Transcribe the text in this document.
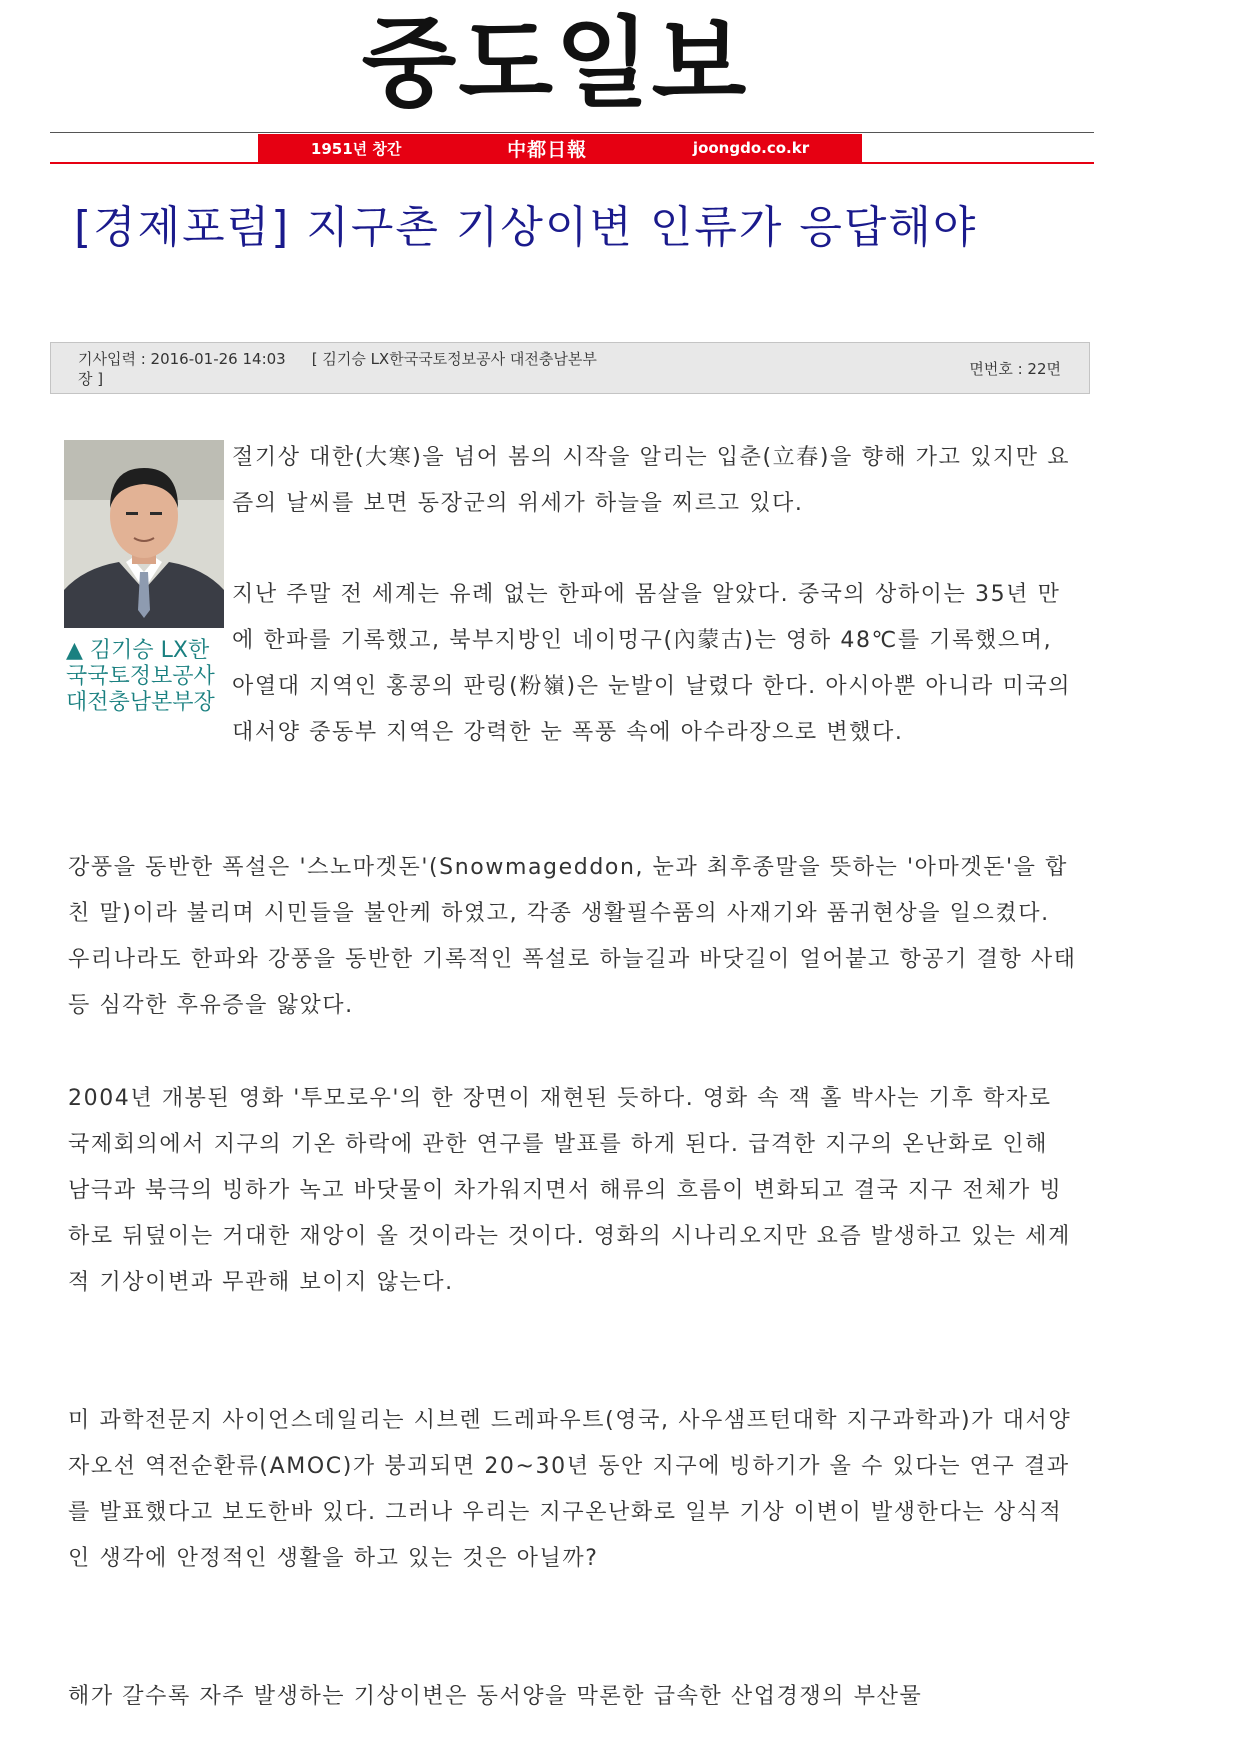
중도일보
1951년 창간	中都日報	joongdo.co.kr
[경제포럼] 지구촌 기상이변 인류가 응답해야
기사입력 : 2016-01-26 14:03 [ 김기승 LX한국국토정보공사 대전충남본부장 ]
면번호 : 22면
▲ 김기승 LX한국국토정보공사 대전충남본부장

절기상 대한(大寒)을 넘어 봄의 시작을 알리는 입춘(立春)을 향해 가고 있지만 요즘의 날씨를 보면 동장군의 위세가 하늘을 찌르고 있다.

지난 주말 전 세계는 유례 없는 한파에 몸살을 알았다. 중국의 상하이는 35년 만에 한파를 기록했고, 북부지방인 네이멍구(內蒙古)는 영하 48℃를 기록했으며, 아열대 지역인 홍콩의 판링(粉嶺)은 눈발이 날렸다 한다. 아시아뿐 아니라 미국의 대서양 중동부 지역은 강력한 눈 폭풍 속에 아수라장으로 변했다.

강풍을 동반한 폭설은 '스노마겟돈'(Snowmageddon, 눈과 최후종말을 뜻하는 '아마겟돈'을 합친 말)이라 불리며 시민들을 불안케 하였고, 각종 생활필수품의 사재기와 품귀현상을 일으켰다. 우리나라도 한파와 강풍을 동반한 기록적인 폭설로 하늘길과 바닷길이 얼어붙고 항공기 결항 사태 등 심각한 후유증을 앓았다.

2004년 개봉된 영화 '투모로우'의 한 장면이 재현된 듯하다. 영화 속 잭 홀 박사는 기후 학자로 국제회의에서 지구의 기온 하락에 관한 연구를 발표를 하게 된다. 급격한 지구의 온난화로 인해 남극과 북극의 빙하가 녹고 바닷물이 차가워지면서 해류의 흐름이 변화되고 결국 지구 전체가 빙하로 뒤덮이는 거대한 재앙이 올 것이라는 것이다. 영화의 시나리오지만 요즘 발생하고 있는 세계적 기상이변과 무관해 보이지 않는다.

미 과학전문지 사이언스데일리는 시브렌 드레파우트(영국, 사우샘프턴대학 지구과학과)가 대서양 자오선 역전순환류(AMOC)가 붕괴되면 20~30년 동안 지구에 빙하기가 올 수 있다는 연구 결과를 발표했다고 보도한바 있다. 그러나 우리는 지구온난화로 일부 기상 이변이 발생한다는 상식적인 생각에 안정적인 생활을 하고 있는 것은 아닐까?

해가 갈수록 자주 발생하는 기상이변은 동서양을 막론한 급속한 산업경쟁의 부산물
